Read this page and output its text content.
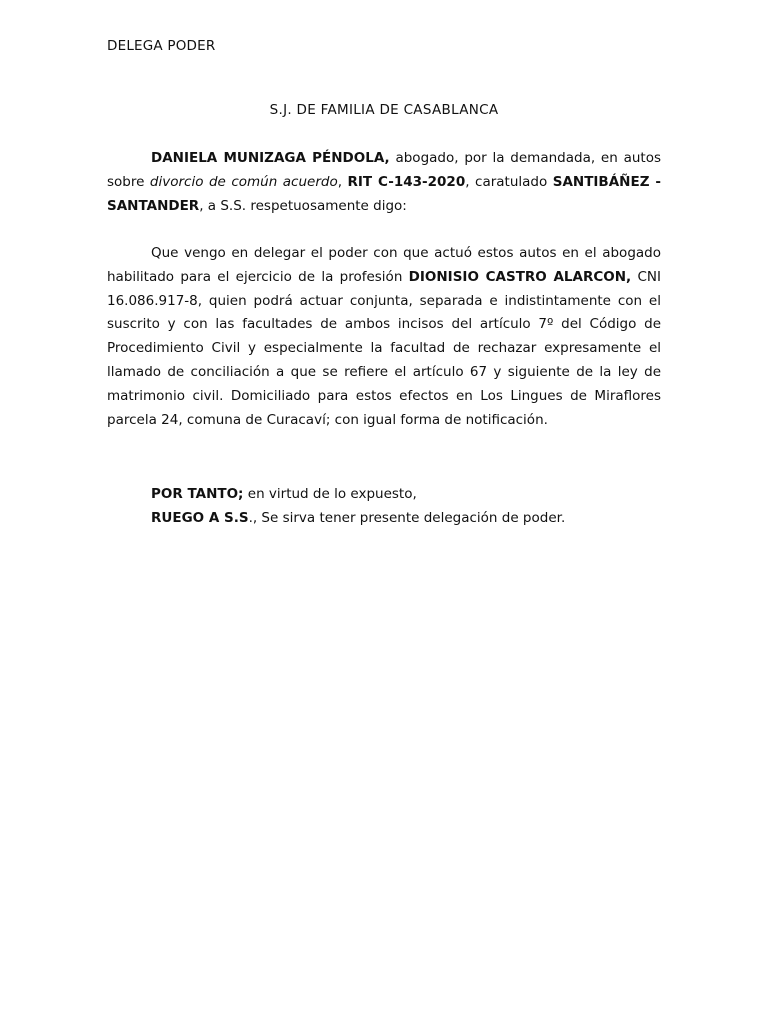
DELEGA PODER
S.J. DE FAMILIA DE CASABLANCA

DANIELA MUNIZAGA PÉNDOLA, abogado, por la demandada, en autos sobre divorcio de común acuerdo, RIT C-143-2020, caratulado SANTIBÁÑEZ - SANTANDER, a S.S. respetuosamente digo:

Que vengo en delegar el poder con que actuó estos autos en el abogado habilitado para el ejercicio de la profesión DIONISIO CASTRO ALARCON, CNI 16.086.917-8, quien podrá actuar conjunta, separada e indistintamente con el suscrito y con las facultades de ambos incisos del artículo 7º del Código de Procedimiento Civil y especialmente la facultad de rechazar expresamente el llamado de conciliación a que se refiere el artículo 67 y siguiente de la ley de matrimonio civil. Domiciliado para estos efectos en Los Lingues de Miraflores parcela 24, comuna de Curacaví; con igual forma de notificación.

POR TANTO; en virtud de lo expuesto,
RUEGO A S.S., Se sirva tener presente delegación de poder.
